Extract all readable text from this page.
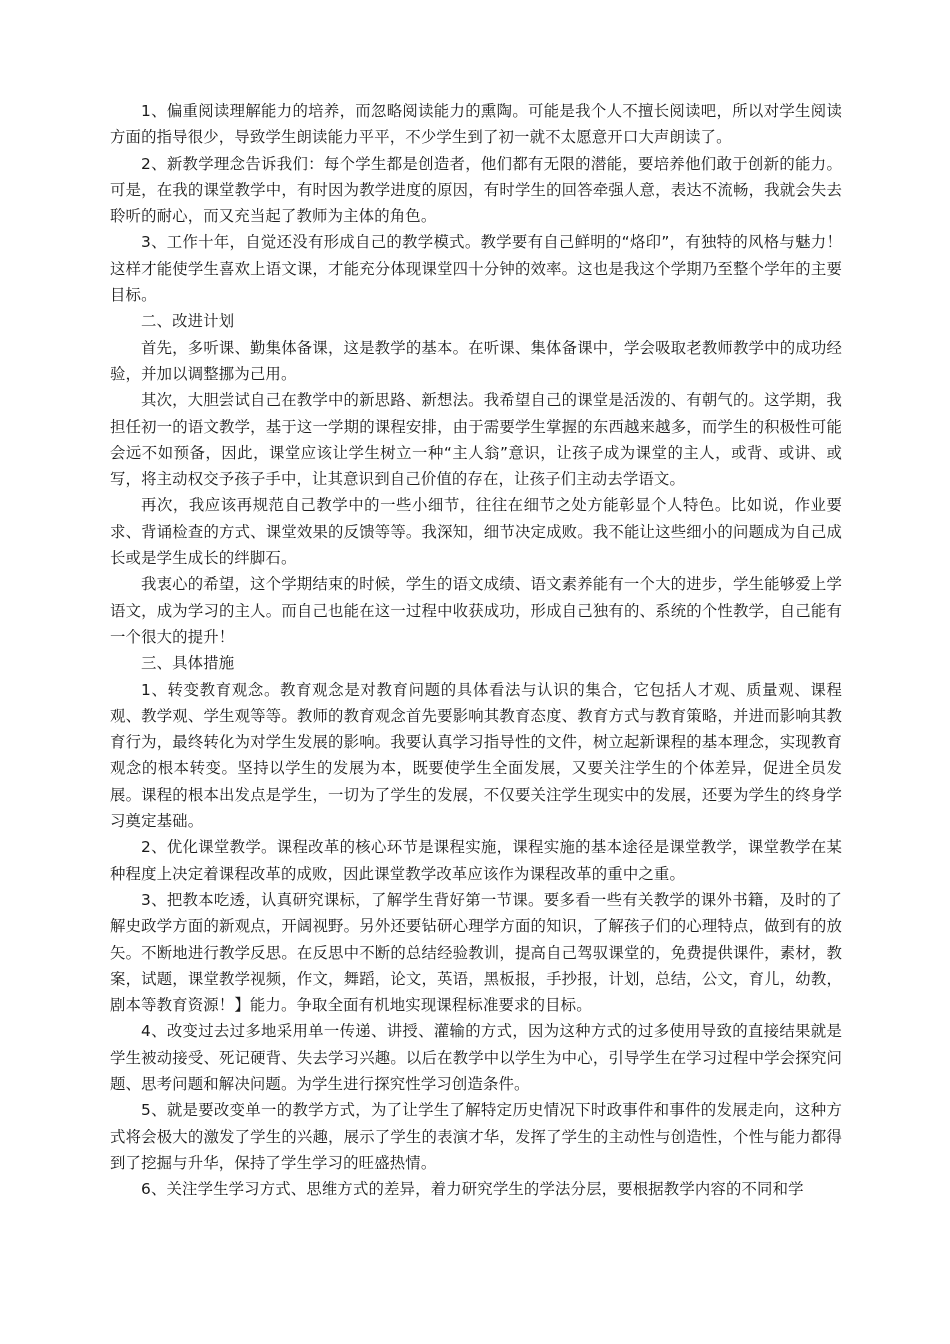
1、偏重阅读理解能力的培养，而忽略阅读能力的熏陶。可能是我个人不擅长阅读吧，所以对学生阅读方面的指导很少，导致学生朗读能力平平，不少学生到了初一就不太愿意开口大声朗读了。

2、新教学理念告诉我们：每个学生都是创造者，他们都有无限的潜能，要培养他们敢于创新的能力。可是，在我的课堂教学中，有时因为教学进度的原因，有时学生的回答牵强人意，表达不流畅，我就会失去聆听的耐心，而又充当起了教师为主体的角色。

3、工作十年，自觉还没有形成自己的教学模式。教学要有自己鲜明的“烙印”，有独特的风格与魅力！这样才能使学生喜欢上语文课，才能充分体现课堂四十分钟的效率。这也是我这个学期乃至整个学年的主要目标。

二、改进计划

首先，多听课、勤集体备课，这是教学的基本。在听课、集体备课中，学会吸取老教师教学中的成功经验，并加以调整挪为己用。

其次，大胆尝试自己在教学中的新思路、新想法。我希望自己的课堂是活泼的、有朝气的。这学期，我担任初一的语文教学，基于这一学期的课程安排，由于需要学生掌握的东西越来越多，而学生的积极性可能会远不如预备，因此，课堂应该让学生树立一种“主人翁”意识，让孩子成为课堂的主人，或背、或讲、或写，将主动权交予孩子手中，让其意识到自己价值的存在，让孩子们主动去学语文。

再次，我应该再规范自己教学中的一些小细节，往往在细节之处方能彰显个人特色。比如说，作业要求、背诵检查的方式、课堂效果的反馈等等。我深知，细节决定成败。我不能让这些细小的问题成为自己成长或是学生成长的绊脚石。

我衷心的希望，这个学期结束的时候，学生的语文成绩、语文素养能有一个大的进步，学生能够爱上学语文，成为学习的主人。而自己也能在这一过程中收获成功，形成自己独有的、系统的个性教学，自己能有一个很大的提升！

三、具体措施

1、转变教育观念。教育观念是对教育问题的具体看法与认识的集合，它包括人才观、质量观、课程观、教学观、学生观等等。教师的教育观念首先要影响其教育态度、教育方式与教育策略，并进而影响其教育行为，最终转化为对学生发展的影响。我要认真学习指导性的文件，树立起新课程的基本理念，实现教育观念的根本转变。坚持以学生的发展为本，既要使学生全面发展，又要关注学生的个体差异，促进全员发展。课程的根本出发点是学生，一切为了学生的发展，不仅要关注学生现实中的发展，还要为学生的终身学习奠定基础。

2、优化课堂教学。课程改革的核心环节是课程实施，课程实施的基本途径是课堂教学，课堂教学在某种程度上决定着课程改革的成败，因此课堂教学改革应该作为课程改革的重中之重。

3、把教本吃透，认真研究课标，了解学生背好第一节课。要多看一些有关教学的课外书籍，及时的了解史政学方面的新观点，开阔视野。另外还要钻研心理学方面的知识，了解孩子们的心理特点，做到有的放矢。不断地进行教学反思。在反思中不断的总结经验教训，提高自己驾驭课堂的，免费提供课件，素材，教案，试题，课堂教学视频，作文，舞蹈，论文，英语，黑板报，手抄报，计划，总结，公文，育儿，幼教，剧本等教育资源！】能力。争取全面有机地实现课程标准要求的目标。

4、改变过去过多地采用单一传递、讲授、灌输的方式，因为这种方式的过多使用导致的直接结果就是学生被动接受、死记硬背、失去学习兴趣。以后在教学中以学生为中心，引导学生在学习过程中学会探究问题、思考问题和解决问题。为学生进行探究性学习创造条件。

5、就是要改变单一的教学方式，为了让学生了解特定历史情况下时政事件和事件的发展走向，这种方式将会极大的激发了学生的兴趣，展示了学生的表演才华，发挥了学生的主动性与创造性，个性与能力都得到了挖掘与升华，保持了学生学习的旺盛热情。

6、关注学生学习方式、思维方式的差异，着力研究学生的学法分层，要根据教学内容的不同和学
